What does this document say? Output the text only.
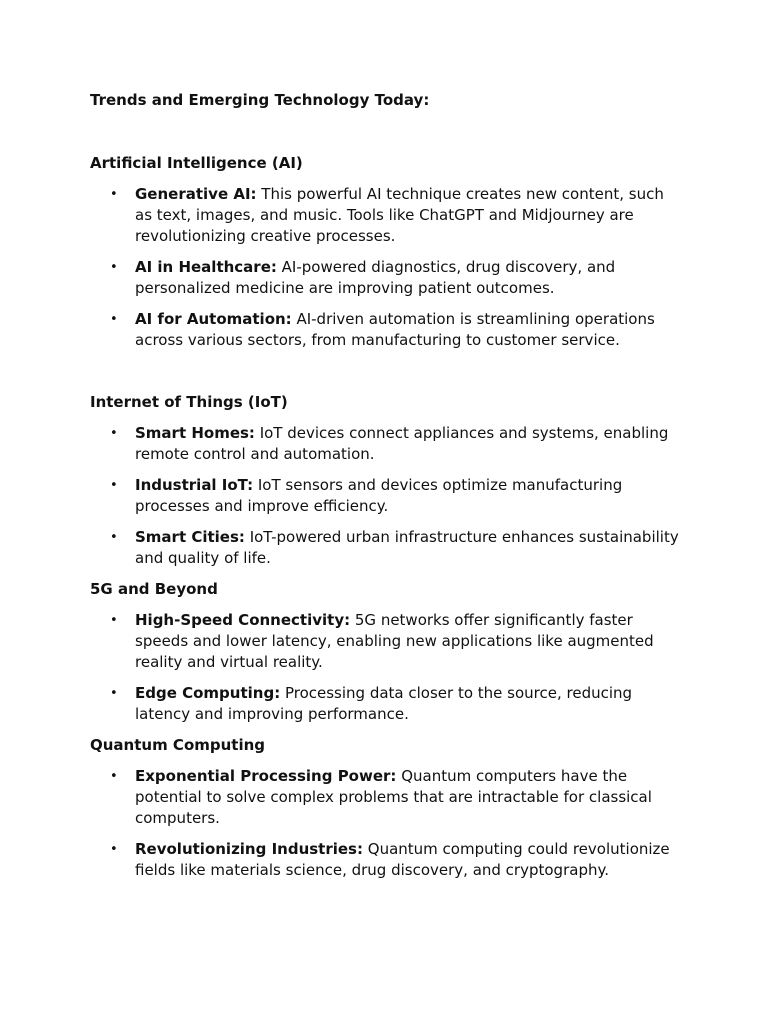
Trends and Emerging Technology Today:

Artificial Intelligence (AI)

• Generative AI: This powerful AI technique creates new content, such as text, images, and music. Tools like ChatGPT and Midjourney are revolutionizing creative processes.
• AI in Healthcare: AI-powered diagnostics, drug discovery, and personalized medicine are improving patient outcomes.
• AI for Automation: AI-driven automation is streamlining operations across various sectors, from manufacturing to customer service.

Internet of Things (IoT)

• Smart Homes: IoT devices connect appliances and systems, enabling remote control and automation.
• Industrial IoT: IoT sensors and devices optimize manufacturing processes and improve efficiency.
• Smart Cities: IoT-powered urban infrastructure enhances sustainability and quality of life.

5G and Beyond

• High-Speed Connectivity: 5G networks offer significantly faster speeds and lower latency, enabling new applications like augmented reality and virtual reality.
• Edge Computing: Processing data closer to the source, reducing latency and improving performance.

Quantum Computing

• Exponential Processing Power: Quantum computers have the potential to solve complex problems that are intractable for classical computers.
• Revolutionizing Industries: Quantum computing could revolutionize fields like materials science, drug discovery, and cryptography.
